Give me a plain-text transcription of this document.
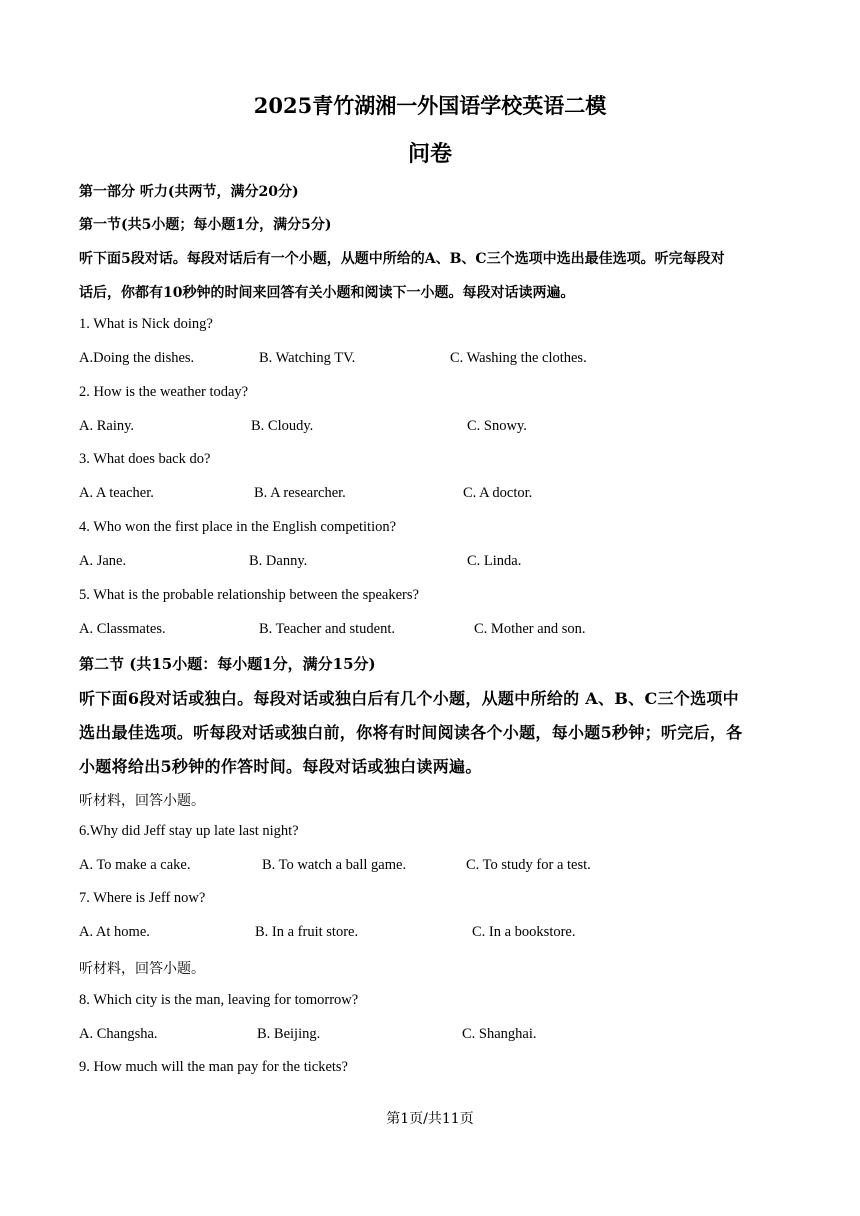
2025青竹湖湘一外国语学校英语二模
问卷
第一部分 听力(共两节，满分20分)
第一节(共5小题；每小题1分，满分5分)
听下面5段对话。每段对话后有一个小题，从题中所给的A、B、C三个选项中选出最佳选项。听完每段对
话后，你都有10秒钟的时间来回答有关小题和阅读下一小题。每段对话读两遍。
1. What is Nick doing?
A.Doing the dishes.	B. Watching TV.	C. Washing the clothes.
2. How is the weather today?
A. Rainy.	B. Cloudy.	C. Snowy.
3. What does back do?
A. A teacher.	B. A researcher.	C. A doctor.
4. Who won the first place in the English competition?
A. Jane.	B. Danny.	C. Linda.
5. What is the probable relationship between the speakers?
A. Classmates.	B. Teacher and student.	C. Mother and son.
第二节 (共15小题：每小题1分，满分15分)
听下面6段对话或独白。每段对话或独白后有几个小题，从题中所给的 A、B、C三个选项中
选出最佳选项。听每段对话或独白前，你将有时间阅读各个小题，每小题5秒钟；听完后，各
小题将给出5秒钟的作答时间。每段对话或独白读两遍。
听材料，回答小题。
6.Why did Jeff stay up late last night?
A. To make a cake.	B. To watch a ball game.	C. To study for a test.
7. Where is Jeff now?
A. At home.	B. In a fruit store.	C. In a bookstore.
听材料，回答小题。
8. Which city is the man, leaving for tomorrow?
A. Changsha.	B. Beijing.	C. Shanghai.
9. How much will the man pay for the tickets?
第1页/共11页
